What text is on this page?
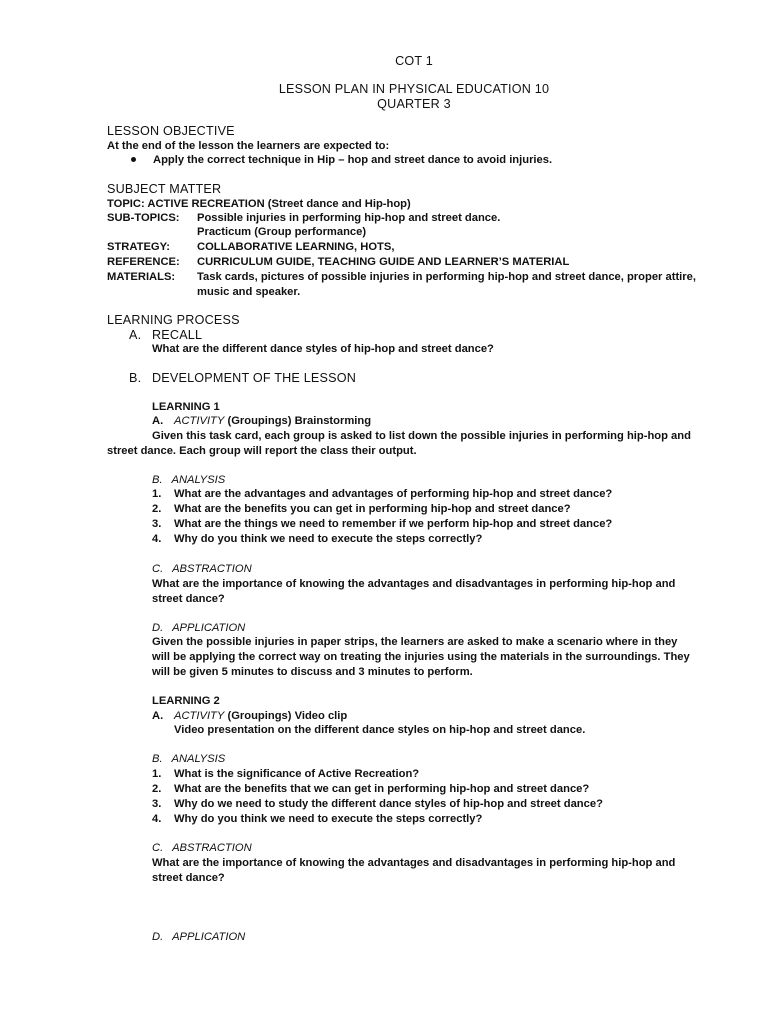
COT 1
LESSON PLAN IN PHYSICAL EDUCATION 10
QUARTER 3
LESSON OBJECTIVE
At the end of the lesson the learners are expected to:
Apply the correct technique in Hip – hop and street dance to avoid injuries.
SUBJECT MATTER
TOPIC: ACTIVE RECREATION (Street dance and Hip-hop)
SUB-TOPICS: Possible injuries in performing hip-hop and street dance.
Practicum (Group performance)
STRATEGY: COLLABORATIVE LEARNING, HOTS,
REFERENCE: CURRICULUM GUIDE, TEACHING GUIDE AND LEARNER’S MATERIAL
MATERIALS: Task cards, pictures of possible injuries in performing hip-hop and street dance, proper attire,
music and speaker.
LEARNING PROCESS
A. RECALL
What are the different dance styles of hip-hop and street dance?
B. DEVELOPMENT OF THE LESSON
LEARNING 1
A. ACTIVITY (Groupings) Brainstorming
Given this task card, each group is asked to list down the possible injuries in performing hip-hop and
street dance. Each group will report the class their output.
B.   ANALYSIS
1. What are the advantages and advantages of performing hip-hop and street dance?
2. What are the benefits you can get in performing hip-hop and street dance?
3. What are the things we need to remember if we perform hip-hop and street dance?
4. Why do you think we need to execute the steps correctly?
C.   ABSTRACTION
What are the importance of knowing the advantages and disadvantages in performing hip-hop and
street dance?
D.   APPLICATION
Given the possible injuries in paper strips, the learners are asked to make a scenario where in they
will be applying the correct way on treating the injuries using the materials in the surroundings. They
will be given 5 minutes to discuss and 3 minutes to perform.
LEARNING 2
A. ACTIVITY (Groupings) Video clip
Video presentation on the different dance styles on hip-hop and street dance.
B.   ANALYSIS
1. What is the significance of Active Recreation?
2. What are the benefits that we can get in performing hip-hop and street dance?
3. Why do we need to study the different dance styles of hip-hop and street dance?
4. Why do you think we need to execute the steps correctly?
C.   ABSTRACTION
What are the importance of knowing the advantages and disadvantages in performing hip-hop and
street dance?
D.   APPLICATION
